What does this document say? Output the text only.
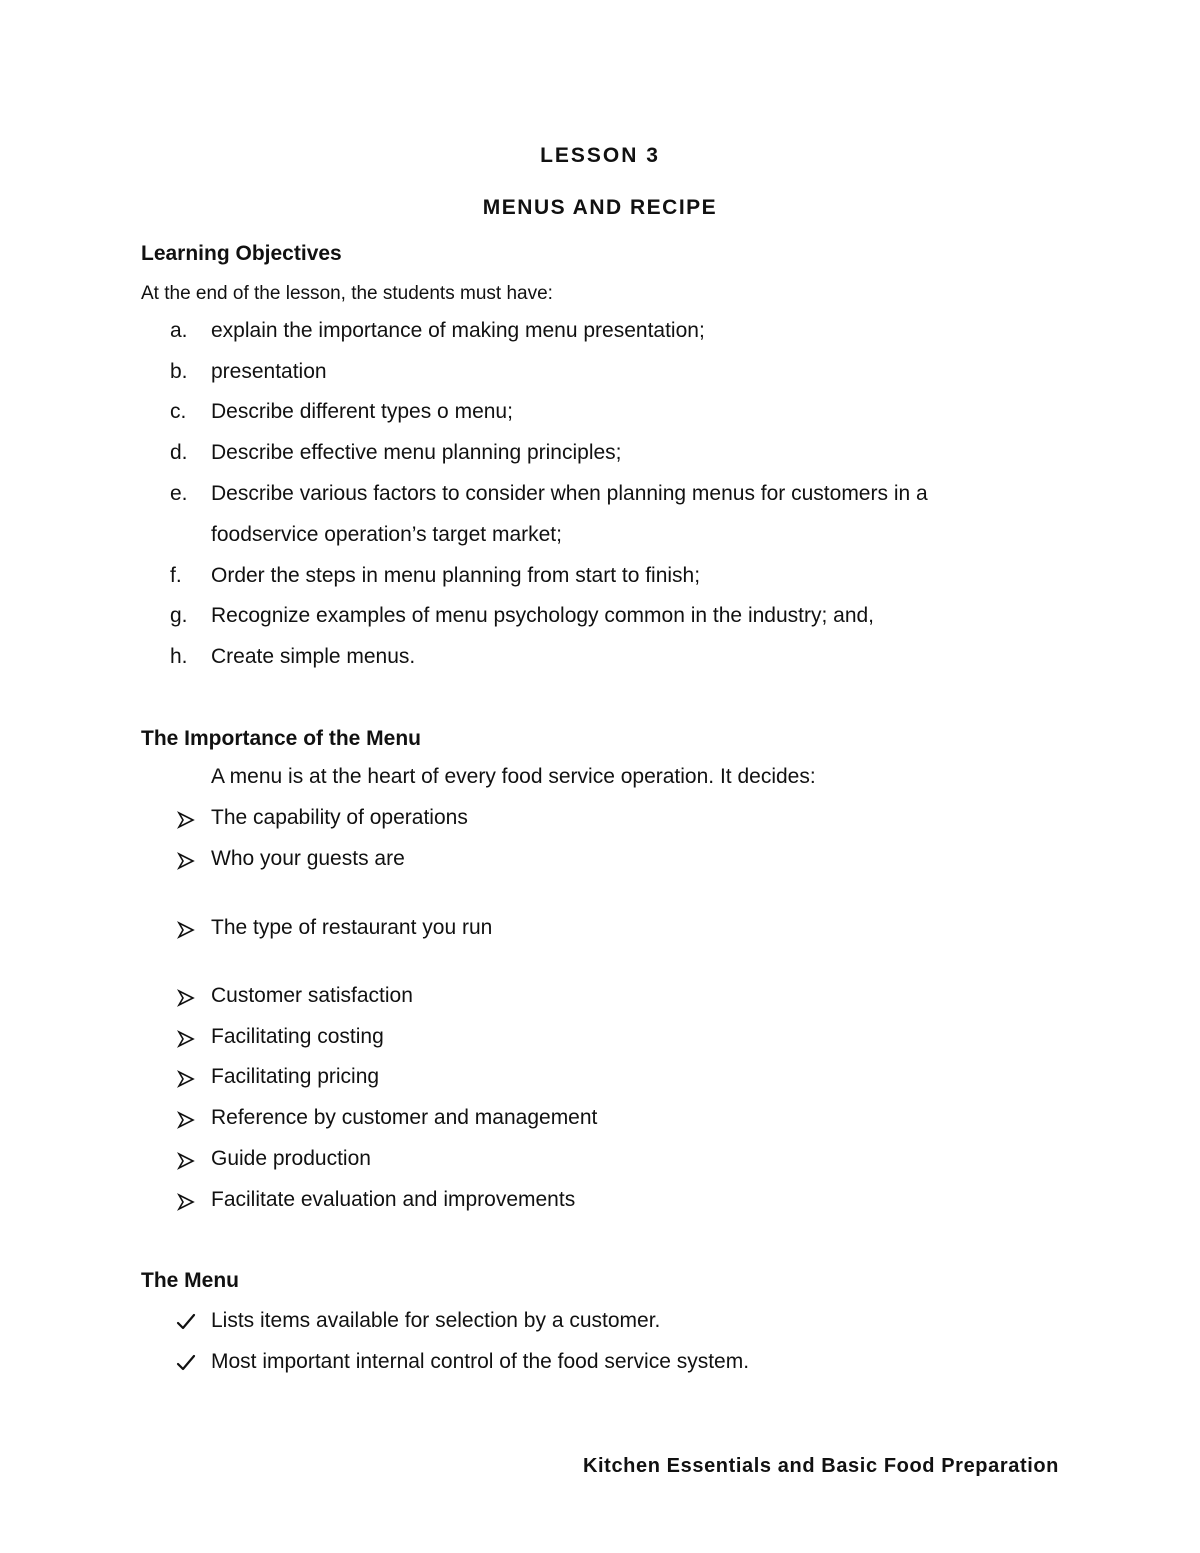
LESSON 3
MENUS AND RECIPE
Learning Objectives
At the end of the lesson, the students must have:
a.	explain the importance of making menu presentation;
b.	presentation
c.	Describe different types o menu;
d.	Describe effective menu planning principles;
e.	Describe various factors to consider when planning menus for customers in a
foodservice operation’s target market;
f.	Order the steps in menu planning from start to finish;
g.	Recognize examples of menu psychology common in the industry; and,
h.	Create simple menus.
The Importance of the Menu
A menu is at the heart of every food service operation. It decides:
The capability of operations
Who your guests are
The type of restaurant you run
Customer satisfaction
Facilitating costing
Facilitating pricing
Reference by customer and management
Guide production
Facilitate evaluation and improvements
The Menu
Lists items available for selection by a customer.
Most important internal control of the food service system.
Kitchen Essentials and Basic Food Preparation
